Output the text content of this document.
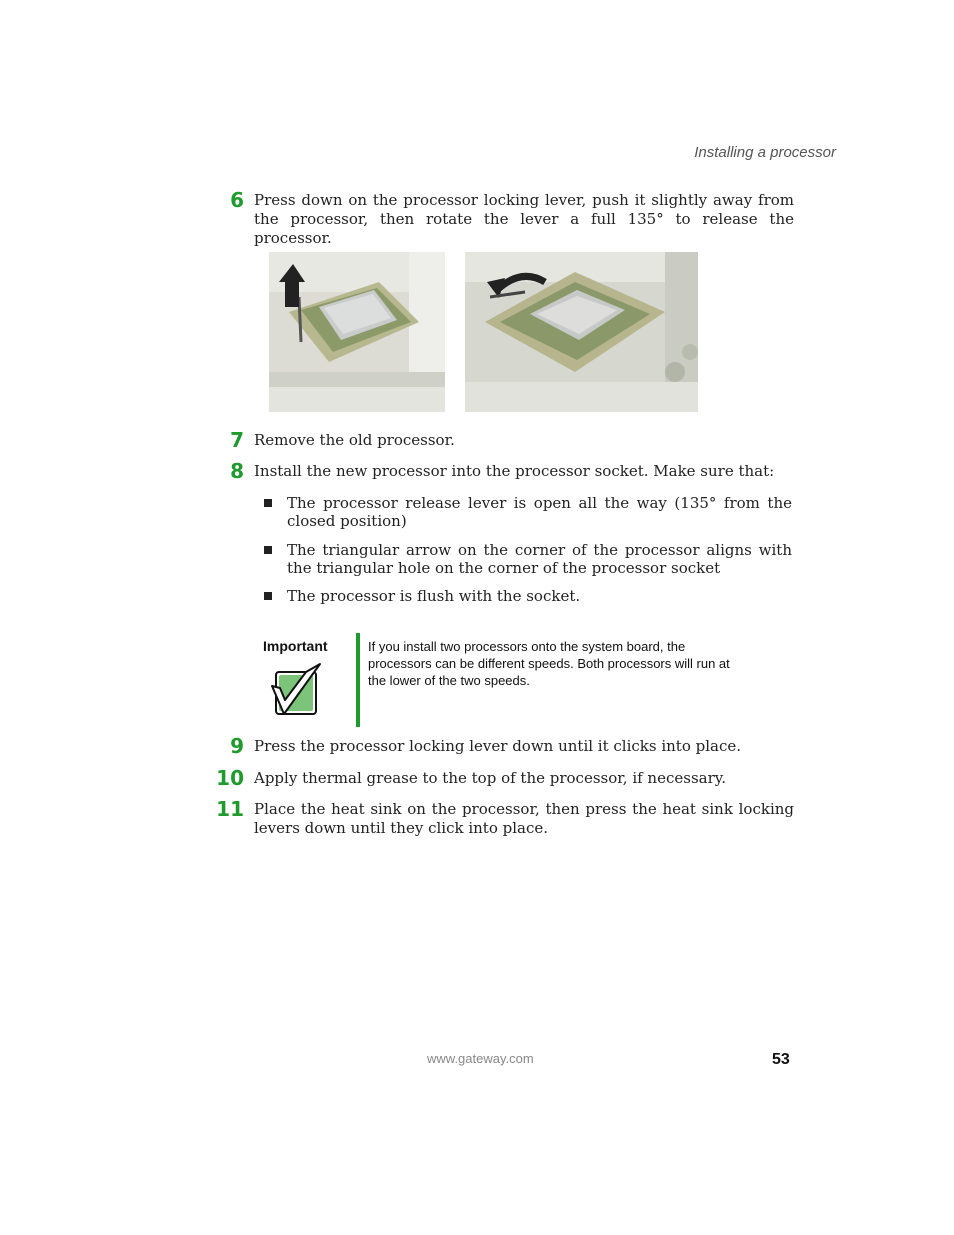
Installing a processor
6 Press down on the processor locking lever, push it slightly away from the processor, then rotate the lever a full 135° to release the processor.
7 Remove the old processor.
8 Install the new processor into the processor socket. Make sure that:
The processor release lever is open all the way (135° from the closed position)
The triangular arrow on the corner of the processor aligns with the triangular hole on the corner of the processor socket
The processor is flush with the socket.
Important	If you install two processors onto the system board, the processors can be different speeds. Both processors will run at the lower of the two speeds.
9 Press the processor locking lever down until it clicks into place.
10 Apply thermal grease to the top of the processor, if necessary.
11 Place the heat sink on the processor, then press the heat sink locking levers down until they click into place.
www.gateway.com	53
